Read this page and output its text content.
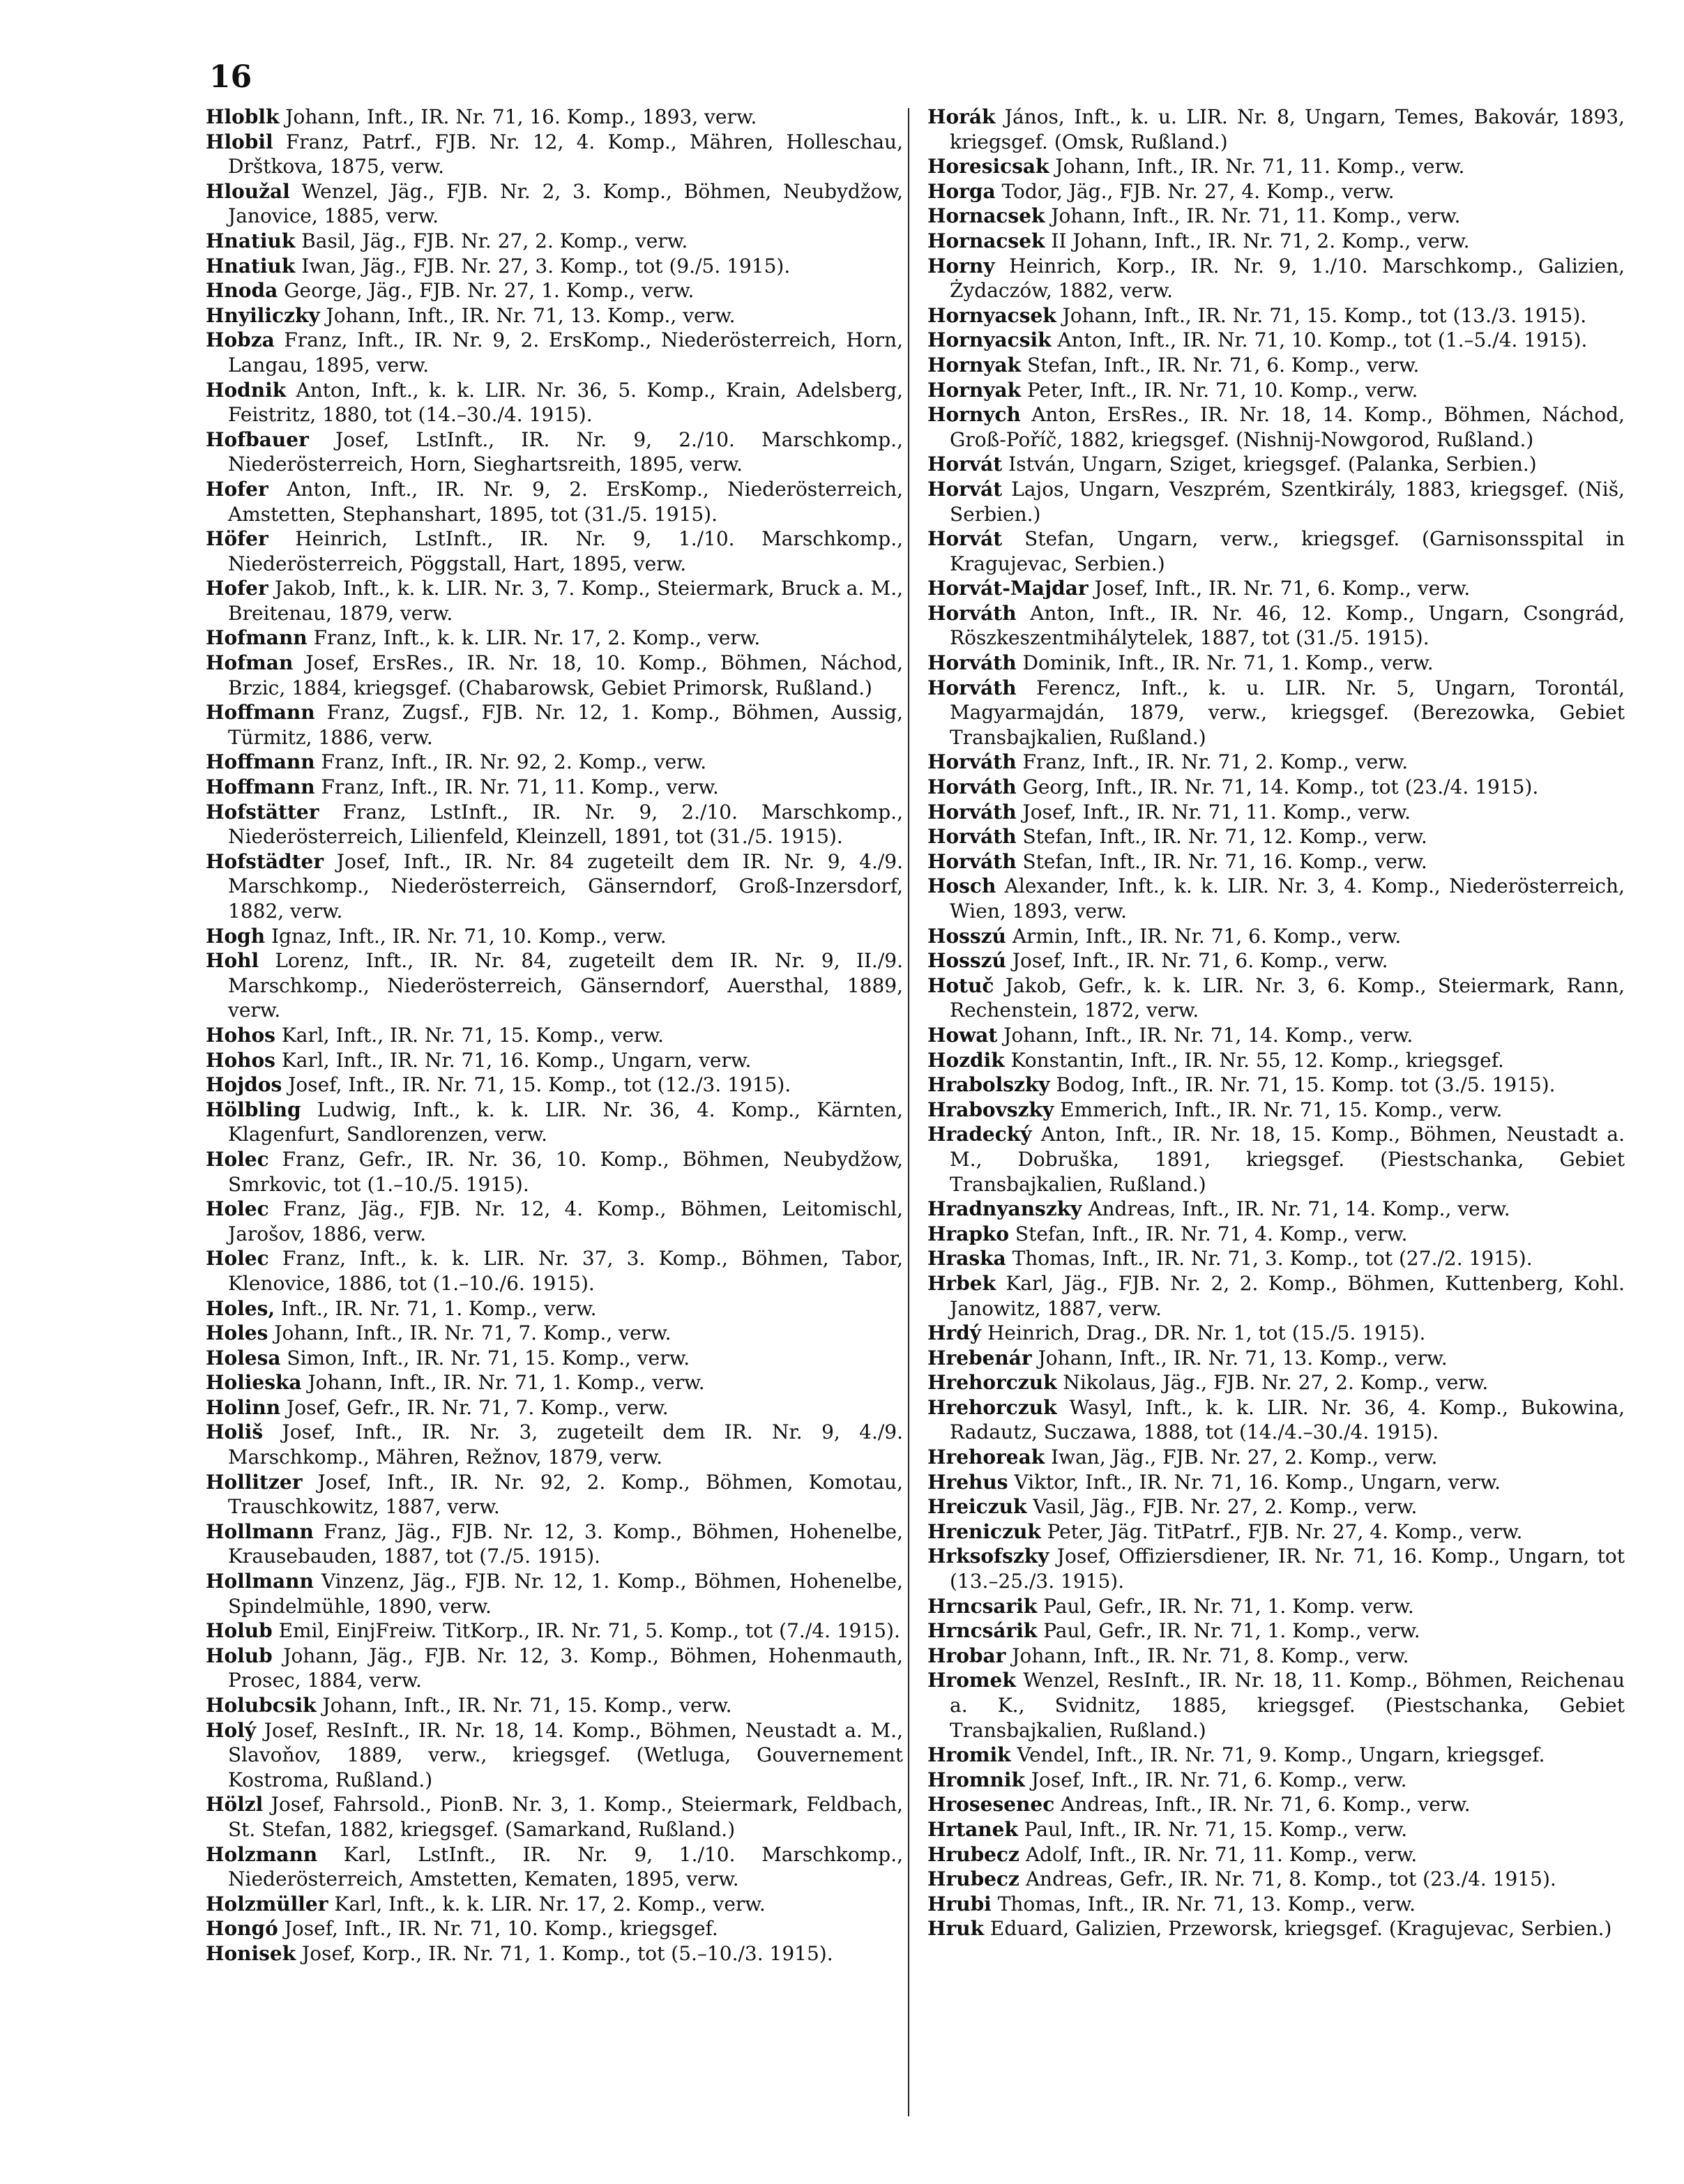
16
Hloblk Johann, Inft., IR. Nr. 71, 16. Komp., 1893, verw.
Hlobil Franz, Patrf., FJB. Nr. 12, 4. Komp., Mähren, Holleschau, Drštkova, 1875, verw.
Hloužal Wenzel, Jäg., FJB. Nr. 2, 3. Komp., Böhmen, Neubydžow, Janovice, 1885, verw.
Hnatiuk Basil, Jäg., FJB. Nr. 27, 2. Komp., verw.
Hnatiuk Iwan, Jäg., FJB. Nr. 27, 3. Komp., tot (9./5. 1915).
Hnoda George, Jäg., FJB. Nr. 27, 1. Komp., verw.
Hnyiliczky Johann, Inft., IR. Nr. 71, 13. Komp., verw.
Hobza Franz, Inft., IR. Nr. 9, 2. ErsKomp., Niederösterreich, Horn, Langau, 1895, verw.
Hodnik Anton, Inft., k. k. LIR. Nr. 36, 5. Komp., Krain, Adelsberg, Feistritz, 1880, tot (14.–30./4. 1915).
Hofbauer Josef, LstInft., IR. Nr. 9, 2./10. Marschkomp., Niederösterreich, Horn, Sieghartsreith, 1895, verw.
Hofer Anton, Inft., IR. Nr. 9, 2. ErsKomp., Niederösterreich, Amstetten, Stephanshart, 1895, tot (31./5. 1915).
Höfer Heinrich, LstInft., IR. Nr. 9, 1./10. Marschkomp., Niederösterreich, Pöggstall, Hart, 1895, verw.
Hofer Jakob, Inft., k. k. LIR. Nr. 3, 7. Komp., Steiermark, Bruck a. M., Breitenau, 1879, verw.
Hofmann Franz, Inft., k. k. LIR. Nr. 17, 2. Komp., verw.
Hofman Josef, ErsRes., IR. Nr. 18, 10. Komp., Böhmen, Náchod, Brzic, 1884, kriegsgef. (Chabarowsk, Gebiet Primorsk, Rußland.)
Hoffmann Franz, Zugsf., FJB. Nr. 12, 1. Komp., Böhmen, Aussig, Türmitz, 1886, verw.
Hoffmann Franz, Inft., IR. Nr. 92, 2. Komp., verw.
Hoffmann Franz, Inft., IR. Nr. 71, 11. Komp., verw.
Hofstätter Franz, LstInft., IR. Nr. 9, 2./10. Marschkomp., Niederösterreich, Lilienfeld, Kleinzell, 1891, tot (31./5. 1915).
Hofstädter Josef, Inft., IR. Nr. 84 zugeteilt dem IR. Nr. 9, 4./9. Marschkomp., Niederösterreich, Gänserndorf, Groß-Inzersdorf, 1882, verw.
Hogh Ignaz, Inft., IR. Nr. 71, 10. Komp., verw.
Hohl Lorenz, Inft., IR. Nr. 84, zugeteilt dem IR. Nr. 9, II./9. Marschkomp., Niederösterreich, Gänserndorf, Auersthal, 1889, verw.
Hohos Karl, Inft., IR. Nr. 71, 15. Komp., verw.
Hohos Karl, Inft., IR. Nr. 71, 16. Komp., Ungarn, verw.
Hojdos Josef, Inft., IR. Nr. 71, 15. Komp., tot (12./3. 1915).
Hölbling Ludwig, Inft., k. k. LIR. Nr. 36, 4. Komp., Kärnten, Klagenfurt, Sandlorenzen, verw.
Holec Franz, Gefr., IR. Nr. 36, 10. Komp., Böhmen, Neubydžow, Smrkovic, tot (1.–10./5. 1915).
Holec Franz, Jäg., FJB. Nr. 12, 4. Komp., Böhmen, Leitomischl, Jarošov, 1886, verw.
Holec Franz, Inft., k. k. LIR. Nr. 37, 3. Komp., Böhmen, Tabor, Klenovice, 1886, tot (1.–10./6. 1915).
Holes, Inft., IR. Nr. 71, 1. Komp., verw.
Holes Johann, Inft., IR. Nr. 71, 7. Komp., verw.
Holesa Simon, Inft., IR. Nr. 71, 15. Komp., verw.
Holieska Johann, Inft., IR. Nr. 71, 1. Komp., verw.
Holinn Josef, Gefr., IR. Nr. 71, 7. Komp., verw.
Holiš Josef, Inft., IR. Nr. 3, zugeteilt dem IR. Nr. 9, 4./9. Marschkomp., Mähren, Režnov, 1879, verw.
Hollitzer Josef, Inft., IR. Nr. 92, 2. Komp., Böhmen, Komotau, Trauschkowitz, 1887, verw.
Hollmann Franz, Jäg., FJB. Nr. 12, 3. Komp., Böhmen, Hohenelbe, Krausebauden, 1887, tot (7./5. 1915).
Hollmann Vinzenz, Jäg., FJB. Nr. 12, 1. Komp., Böhmen, Hohenelbe, Spindelmühle, 1890, verw.
Holub Emil, EinjFreiw. TitKorp., IR. Nr. 71, 5. Komp., tot (7./4. 1915).
Holub Johann, Jäg., FJB. Nr. 12, 3. Komp., Böhmen, Hohenmauth, Prosec, 1884, verw.
Holubcsik Johann, Inft., IR. Nr. 71, 15. Komp., verw.
Holý Josef, ResInft., IR. Nr. 18, 14. Komp., Böhmen, Neustadt a. M., Slavoňov, 1889, verw., kriegsgef. (Wetluga, Gouvernement Kostroma, Rußland.)
Hölzl Josef, Fahrsold., PionB. Nr. 3, 1. Komp., Steiermark, Feldbach, St. Stefan, 1882, kriegsgef. (Samarkand, Rußland.)
Holzmann Karl, LstInft., IR. Nr. 9, 1./10. Marschkomp., Niederösterreich, Amstetten, Kematen, 1895, verw.
Holzmüller Karl, Inft., k. k. LIR. Nr. 17, 2. Komp., verw.
Hongó Josef, Inft., IR. Nr. 71, 10. Komp., kriegsgef.
Honisek Josef, Korp., IR. Nr. 71, 1. Komp., tot (5.–10./3. 1915).
Horák János, Inft., k. u. LIR. Nr. 8, Ungarn, Temes, Bakovár, 1893, kriegsgef. (Omsk, Rußland.)
Horesicsak Johann, Inft., IR. Nr. 71, 11. Komp., verw.
Horga Todor, Jäg., FJB. Nr. 27, 4. Komp., verw.
Hornacsek Johann, Inft., IR. Nr. 71, 11. Komp., verw.
Hornacsek II Johann, Inft., IR. Nr. 71, 2. Komp., verw.
Horny Heinrich, Korp., IR. Nr. 9, 1./10. Marschkomp., Galizien, Żydaczów, 1882, verw.
Hornyacsek Johann, Inft., IR. Nr. 71, 15. Komp., tot (13./3. 1915).
Hornyacsik Anton, Inft., IR. Nr. 71, 10. Komp., tot (1.–5./4. 1915).
Hornyak Stefan, Inft., IR. Nr. 71, 6. Komp., verw.
Hornyak Peter, Inft., IR. Nr. 71, 10. Komp., verw.
Hornych Anton, ErsRes., IR. Nr. 18, 14. Komp., Böhmen, Náchod, Groß-Poříč, 1882, kriegsgef. (Nishnij-Nowgorod, Rußland.)
Horvát István, Ungarn, Sziget, kriegsgef. (Palanka, Serbien.)
Horvát Lajos, Ungarn, Veszprém, Szentkirály, 1883, kriegsgef. (Niš, Serbien.)
Horvát Stefan, Ungarn, verw., kriegsgef. (Garnisonsspital in Kragujevac, Serbien.)
Horvát-Majdar Josef, Inft., IR. Nr. 71, 6. Komp., verw.
Horváth Anton, Inft., IR. Nr. 46, 12. Komp., Ungarn, Csongrád, Röszkeszentmihálytelek, 1887, tot (31./5. 1915).
Horváth Dominik, Inft., IR. Nr. 71, 1. Komp., verw.
Horváth Ferencz, Inft., k. u. LIR. Nr. 5, Ungarn, Torontál, Magyarmajdán, 1879, verw., kriegsgef. (Berezowka, Gebiet Transbajkalien, Rußland.)
Horváth Franz, Inft., IR. Nr. 71, 2. Komp., verw.
Horváth Georg, Inft., IR. Nr. 71, 14. Komp., tot (23./4. 1915).
Horváth Josef, Inft., IR. Nr. 71, 11. Komp., verw.
Horváth Stefan, Inft., IR. Nr. 71, 12. Komp., verw.
Horváth Stefan, Inft., IR. Nr. 71, 16. Komp., verw.
Hosch Alexander, Inft., k. k. LIR. Nr. 3, 4. Komp., Niederösterreich, Wien, 1893, verw.
Hosszú Armin, Inft., IR. Nr. 71, 6. Komp., verw.
Hosszú Josef, Inft., IR. Nr. 71, 6. Komp., verw.
Hotuč Jakob, Gefr., k. k. LIR. Nr. 3, 6. Komp., Steiermark, Rann, Rechenstein, 1872, verw.
Howat Johann, Inft., IR. Nr. 71, 14. Komp., verw.
Hozdik Konstantin, Inft., IR. Nr. 55, 12. Komp., kriegsgef.
Hrabolszky Bodog, Inft., IR. Nr. 71, 15. Komp. tot (3./5. 1915).
Hrabovszky Emmerich, Inft., IR. Nr. 71, 15. Komp., verw.
Hradecký Anton, Inft., IR. Nr. 18, 15. Komp., Böhmen, Neustadt a. M., Dobruška, 1891, kriegsgef. (Piestschanka, Gebiet Transbajkalien, Rußland.)
Hradnyanszky Andreas, Inft., IR. Nr. 71, 14. Komp., verw.
Hrapko Stefan, Inft., IR. Nr. 71, 4. Komp., verw.
Hraska Thomas, Inft., IR. Nr. 71, 3. Komp., tot (27./2. 1915).
Hrbek Karl, Jäg., FJB. Nr. 2, 2. Komp., Böhmen, Kuttenberg, Kohl. Janowitz, 1887, verw.
Hrdý Heinrich, Drag., DR. Nr. 1, tot (15./5. 1915).
Hrebenár Johann, Inft., IR. Nr. 71, 13. Komp., verw.
Hrehorczuk Nikolaus, Jäg., FJB. Nr. 27, 2. Komp., verw.
Hrehorczuk Wasyl, Inft., k. k. LIR. Nr. 36, 4. Komp., Bukowina, Radautz, Suczawa, 1888, tot (14./4.–30./4. 1915).
Hrehoreak Iwan, Jäg., FJB. Nr. 27, 2. Komp., verw.
Hrehus Viktor, Inft., IR. Nr. 71, 16. Komp., Ungarn, verw.
Hreiczuk Vasil, Jäg., FJB. Nr. 27, 2. Komp., verw.
Hreniczuk Peter, Jäg. TitPatrf., FJB. Nr. 27, 4. Komp., verw.
Hrksofszky Josef, Offiziersdiener, IR. Nr. 71, 16. Komp., Ungarn, tot (13.–25./3. 1915).
Hrncsarik Paul, Gefr., IR. Nr. 71, 1. Komp. verw.
Hrncsárik Paul, Gefr., IR. Nr. 71, 1. Komp., verw.
Hrobar Johann, Inft., IR. Nr. 71, 8. Komp., verw.
Hromek Wenzel, ResInft., IR. Nr. 18, 11. Komp., Böhmen, Reichenau a. K., Svidnitz, 1885, kriegsgef. (Piestschanka, Gebiet Transbajkalien, Rußland.)
Hromik Vendel, Inft., IR. Nr. 71, 9. Komp., Ungarn, kriegsgef.
Hromnik Josef, Inft., IR. Nr. 71, 6. Komp., verw.
Hrosesenec Andreas, Inft., IR. Nr. 71, 6. Komp., verw.
Hrtanek Paul, Inft., IR. Nr. 71, 15. Komp., verw.
Hrubecz Adolf, Inft., IR. Nr. 71, 11. Komp., verw.
Hrubecz Andreas, Gefr., IR. Nr. 71, 8. Komp., tot (23./4. 1915).
Hrubi Thomas, Inft., IR. Nr. 71, 13. Komp., verw.
Hruk Eduard, Galizien, Przeworsk, kriegsgef. (Kragujevac, Serbien.)
